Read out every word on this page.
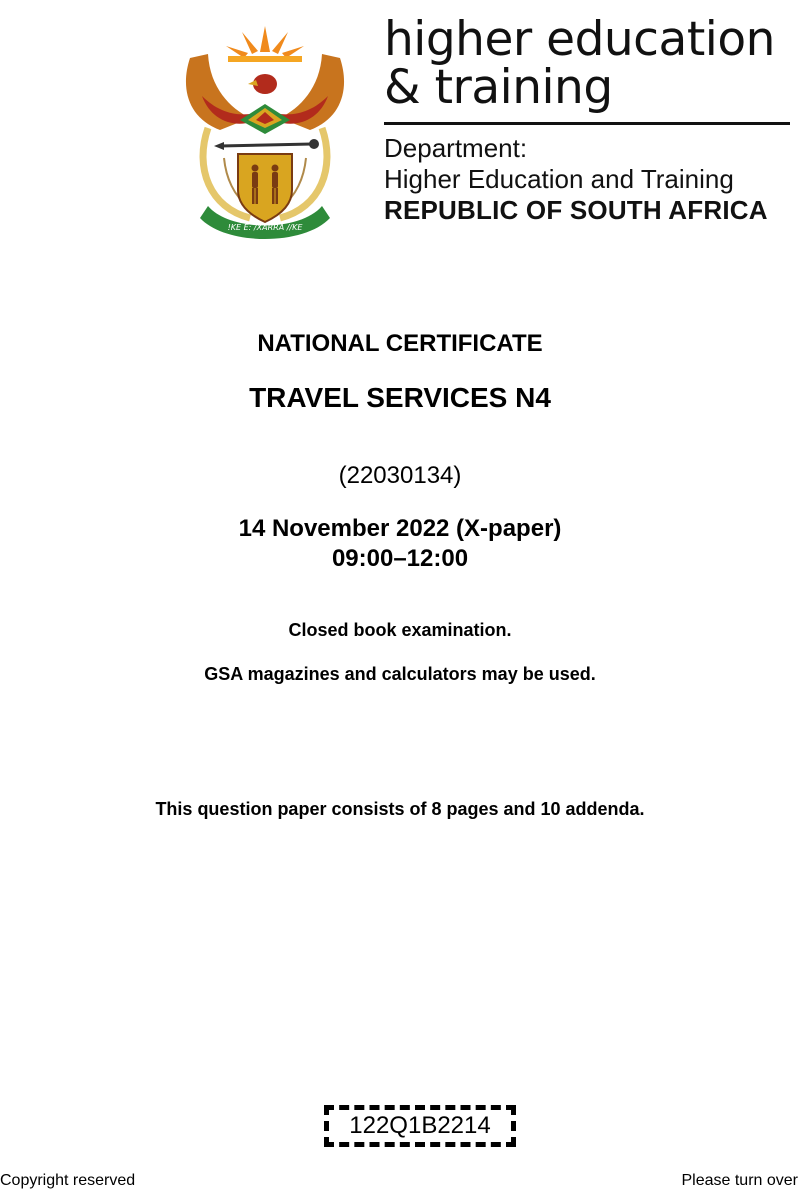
!KE E: /XARRA //KE
higher education
& training
Department:
Higher Education and Training
REPUBLIC OF SOUTH AFRICA
NATIONAL CERTIFICATE
TRAVEL SERVICES N4
(22030134)
14 November 2022 (X-paper)
09:00–12:00
Closed book examination.
GSA magazines and calculators may be used.
This question paper consists of 8 pages and 10 addenda.
122Q1B2214
Copyright reserved	Please turn over
